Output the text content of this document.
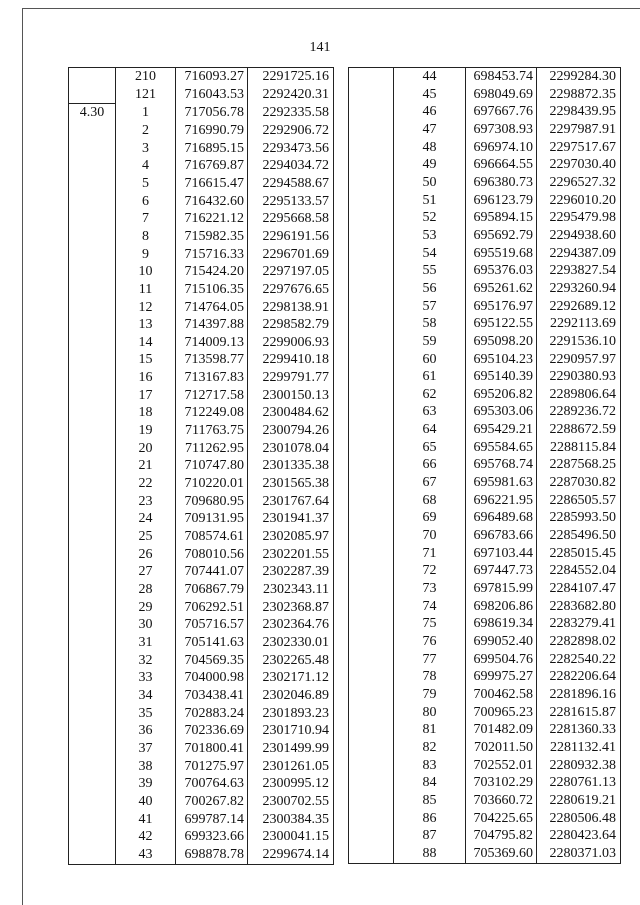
141
	210	716093.27	2291725.16
	121	716043.53	2292420.31
4.30	1	717056.78	2292335.58
	2	716990.79	2292906.72
	3	716895.15	2293473.56
	4	716769.87	2294034.72
	5	716615.47	2294588.67
	6	716432.60	2295133.57
	7	716221.12	2295668.58
	8	715982.35	2296191.56
	9	715716.33	2296701.69
	10	715424.20	2297197.05
	11	715106.35	2297676.65
	12	714764.05	2298138.91
	13	714397.88	2298582.79
	14	714009.13	2299006.93
	15	713598.77	2299410.18
	16	713167.83	2299791.77
	17	712717.58	2300150.13
	18	712249.08	2300484.62
	19	711763.75	2300794.26
	20	711262.95	2301078.04
	21	710747.80	2301335.38
	22	710220.01	2301565.38
	23	709680.95	2301767.64
	24	709131.95	2301941.37
	25	708574.61	2302085.97
	26	708010.56	2302201.55
	27	707441.07	2302287.39
	28	706867.79	2302343.11
	29	706292.51	2302368.87
	30	705716.57	2302364.76
	31	705141.63	2302330.01
	32	704569.35	2302265.48
	33	704000.98	2302171.12
	34	703438.41	2302046.89
	35	702883.24	2301893.23
	36	702336.69	2301710.94
	37	701800.41	2301499.99
	38	701275.97	2301261.05
	39	700764.63	2300995.12
	40	700267.82	2300702.55
	41	699787.14	2300384.35
	42	699323.66	2300041.15
	43	698878.78	2299674.14
	44	698453.74	2299284.30
	45	698049.69	2298872.35
	46	697667.76	2298439.95
	47	697308.93	2297987.91
	48	696974.10	2297517.67
	49	696664.55	2297030.40
	50	696380.73	2296527.32
	51	696123.79	2296010.20
	52	695894.15	2295479.98
	53	695692.79	2294938.60
	54	695519.68	2294387.09
	55	695376.03	2293827.54
	56	695261.62	2293260.94
	57	695176.97	2292689.12
	58	695122.55	2292113.69
	59	695098.20	2291536.10
	60	695104.23	2290957.97
	61	695140.39	2290380.93
	62	695206.82	2289806.64
	63	695303.06	2289236.72
	64	695429.21	2288672.59
	65	695584.65	2288115.84
	66	695768.74	2287568.25
	67	695981.63	2287030.82
	68	696221.95	2286505.57
	69	696489.68	2285993.50
	70	696783.66	2285496.50
	71	697103.44	2285015.45
	72	697447.73	2284552.04
	73	697815.99	2284107.47
	74	698206.86	2283682.80
	75	698619.34	2283279.41
	76	699052.40	2282898.02
	77	699504.76	2282540.22
	78	699975.27	2282206.64
	79	700462.58	2281896.16
	80	700965.23	2281615.87
	81	701482.09	2281360.33
	82	702011.50	2281132.41
	83	702552.01	2280932.38
	84	703102.29	2280761.13
	85	703660.72	2280619.21
	86	704225.65	2280506.48
	87	704795.82	2280423.64
	88	705369.60	2280371.03
